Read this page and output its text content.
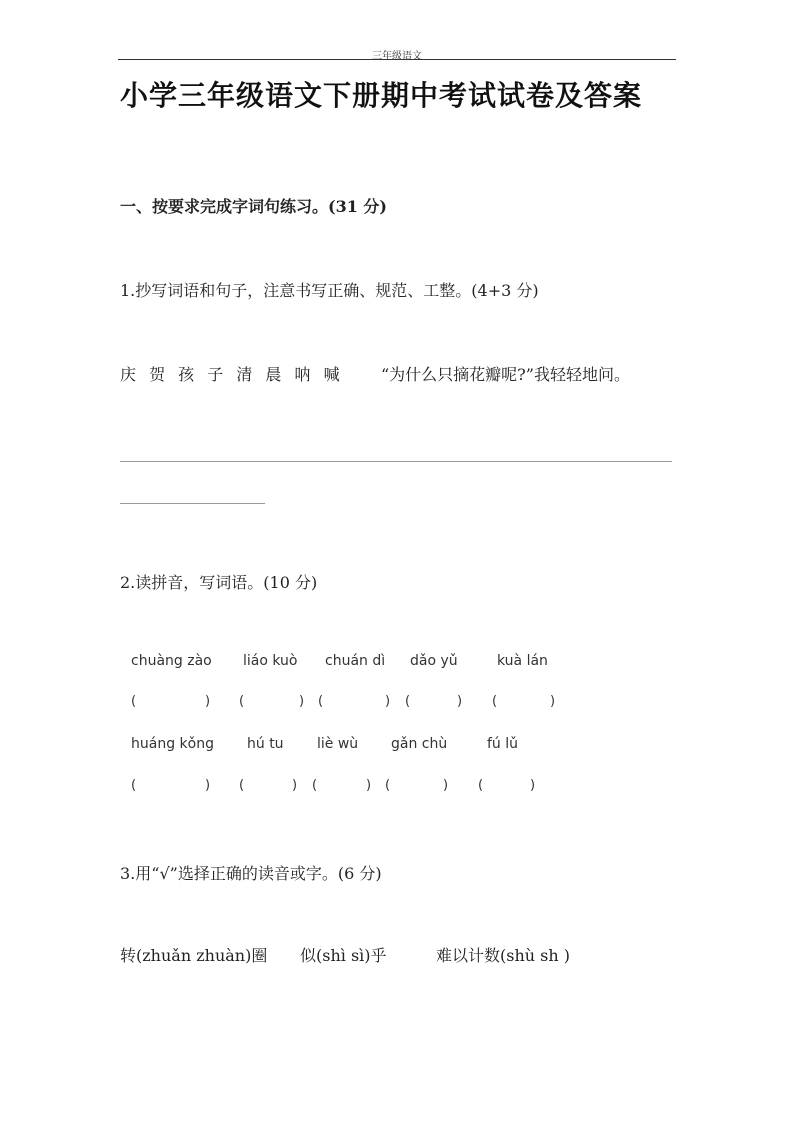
三年级语文
小学三年级语文下册期中考试试卷及答案
一、按要求完成字词句练习。(31 分)
1.抄写词语和句子，注意书写正确、规范、工整。(4+3 分)
庆 贺 孩 子 清 晨 呐 喊	“为什么只摘花瓣呢?”我轻轻地问。
2.读拼音，写词语。(10 分)
chuàng zào liáo kuò chuán dì dǎo yǔ	kuà lán
(	) (	) (	) (	) (	)
huáng kǒng hú tu liè wù gǎn chù	fú lǔ
(	) (	) (	) (	) (	)
3.用“√”选择正确的读音或字。(6 分)
转(zhuǎn zhuàn)圈 似(shì sì)乎	难以计数(shù sh )
